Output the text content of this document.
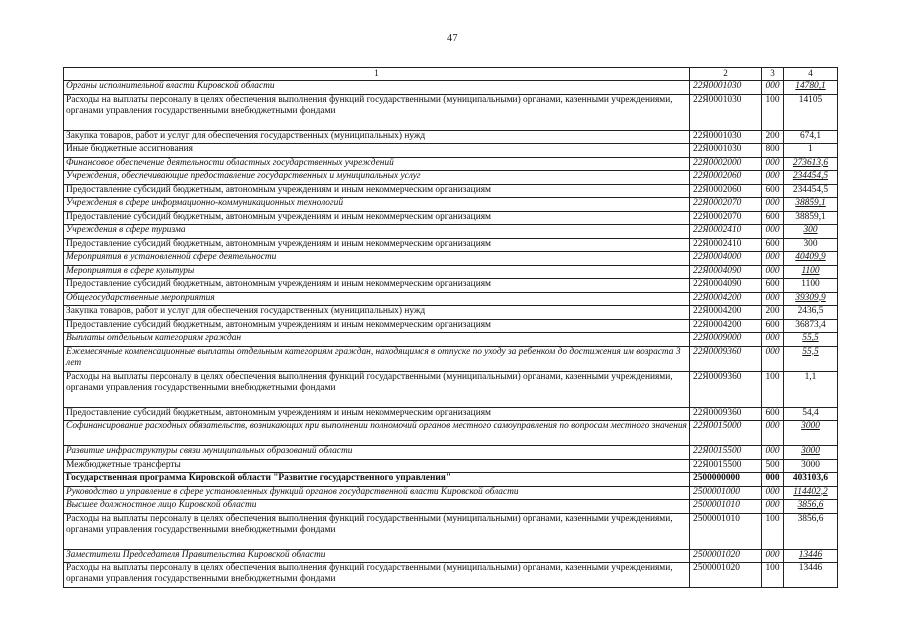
47
1	2	3	4
Органы исполнительной власти Кировской области	22Я0001030	000	14780,1
Расходы на выплаты персоналу в целях обеспечения выполнения функций государственными (муниципальными) органами, казенными учреждениями, органами управления государственными внебюджетными фондами	22Я0001030	100	14105
Закупка товаров, работ и услуг для обеспечения государственных (муниципальных) нужд	22Я0001030	200	674,1
Иные бюджетные ассигнования	22Я0001030	800	1
Финансовое обеспечение деятельности областных государственных учреждений	22Я0002000	000	273613,6
Учреждения, обеспечивающие предоставление государственных и муниципальных услуг	22Я0002060	000	234454,5
Предоставление субсидий бюджетным, автономным учреждениям и иным некоммерческим организациям	22Я0002060	600	234454,5
Учреждения в сфере информационно-коммуникационных технологий	22Я0002070	000	38859,1
Предоставление субсидий бюджетным, автономным учреждениям и иным некоммерческим организациям	22Я0002070	600	38859,1
Учреждения в сфере туризма	22Я0002410	000	300
Предоставление субсидий бюджетным, автономным учреждениям и иным некоммерческим организациям	22Я0002410	600	300
Мероприятия в установленной сфере деятельности	22Я0004000	000	40409,9
Мероприятия в сфере культуры	22Я0004090	000	1100
Предоставление субсидий бюджетным, автономным учреждениям и иным некоммерческим организациям	22Я0004090	600	1100
Общегосударственные мероприятия	22Я0004200	000	39309,9
Закупка товаров, работ и услуг для обеспечения государственных (муниципальных) нужд	22Я0004200	200	2436,5
Предоставление субсидий бюджетным, автономным учреждениям и иным некоммерческим организациям	22Я0004200	600	36873,4
Выплаты отдельным категориям граждан	22Я0009000	000	55,5
Ежемесячные компенсационные выплаты отдельным категориям граждан, находящимся в отпуске по уходу за ребенком до достижения им возраста 3 лет	22Я0009360	000	55,5
Расходы на выплаты персоналу в целях обеспечения выполнения функций государственными (муниципальными) органами, казенными учреждениями, органами управления государственными внебюджетными фондами	22Я0009360	100	1,1
Предоставление субсидий бюджетным, автономным учреждениям и иным некоммерческим организациям	22Я0009360	600	54,4
Софинансирование расходных обязательств, возникающих при выполнении полномочий органов местного самоуправления по вопросам местного значения	22Я0015000	000	3000
Развитие инфраструктуры связи муниципальных образований области	22Я0015500	000	3000
Межбюджетные трансферты	22Я0015500	500	3000
Государственная программа Кировской области "Развитие государственного управления"	2500000000	000	403103,6
Руководство и управление в сфере установленных функций органов государственной власти Кировской области	2500001000	000	114402,2
Высшее должностное лицо Кировской области	2500001010	000	3856,6
Расходы на выплаты персоналу в целях обеспечения выполнения функций государственными (муниципальными) органами, казенными учреждениями, органами управления государственными внебюджетными фондами	2500001010	100	3856,6
Заместители Председателя Правительства Кировской области	2500001020	000	13446
Расходы на выплаты персоналу в целях обеспечения выполнения функций государственными (муниципальными) органами, казенными учреждениями, органами управления государственными внебюджетными фондами	2500001020	100	13446
